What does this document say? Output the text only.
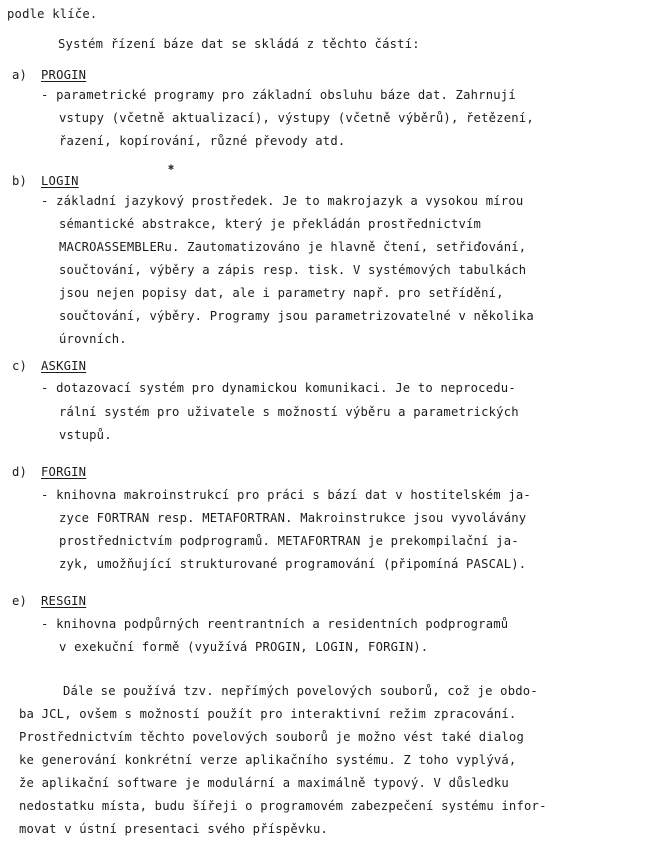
podle klíče.
Systém řízení báze dat se skládá z těchto částí:
a) PROGIN
- parametrické programy pro základní obsluhu báze dat. Zahrnují
vstupy (včetně aktualizací), výstupy (včetně výběrů), řetězení,
řazení, kopírování, různé převody atd.
✱
b) LOGIN
- základní jazykový prostředek. Je to makrojazyk a vysokou mírou
sémantické abstrakce, který je překládán prostřednictvím
MACROASSEMBLERu. Zautomatizováno je hlavně čtení, setřiďování,
součtování, výběry a zápis resp. tisk. V systémových tabulkách
jsou nejen popisy dat, ale i parametry např. pro setřídění,
součtování, výběry. Programy jsou parametrizovatelné v několika
úrovních.
c) ASKGIN
- dotazovací systém pro dynamickou komunikaci. Je to neprocedu-
rální systém pro uživatele s možností výběru a parametrických
vstupů.
d) FORGIN
- knihovna makroinstrukcí pro práci s bází dat v hostitelském ja-
zyce FORTRAN resp. METAFORTRAN. Makroinstrukce jsou vyvolávány
prostřednictvím podprogramů. METAFORTRAN je prekompilační ja-
zyk, umožňující strukturované programování (připomíná PASCAL).
e) RESGIN
- knihovna podpůrných reentrantních a residentních podprogramů
v exekuční formě (využívá PROGIN, LOGIN, FORGIN).
Dále se používá tzv. nepřímých povelových souborů, což je obdo-
ba JCL, ovšem s možností použít pro interaktivní režim zpracování.
Prostřednictvím těchto povelových souborů je možno vést také dialog
ke generování konkrétní verze aplikačního systému. Z toho vyplývá,
že aplikační software je modulární a maximálně typový. V důsledku
nedostatku místa, budu šířeji o programovém zabezpečení systému infor-
movat v ústní presentaci svého příspěvku.
